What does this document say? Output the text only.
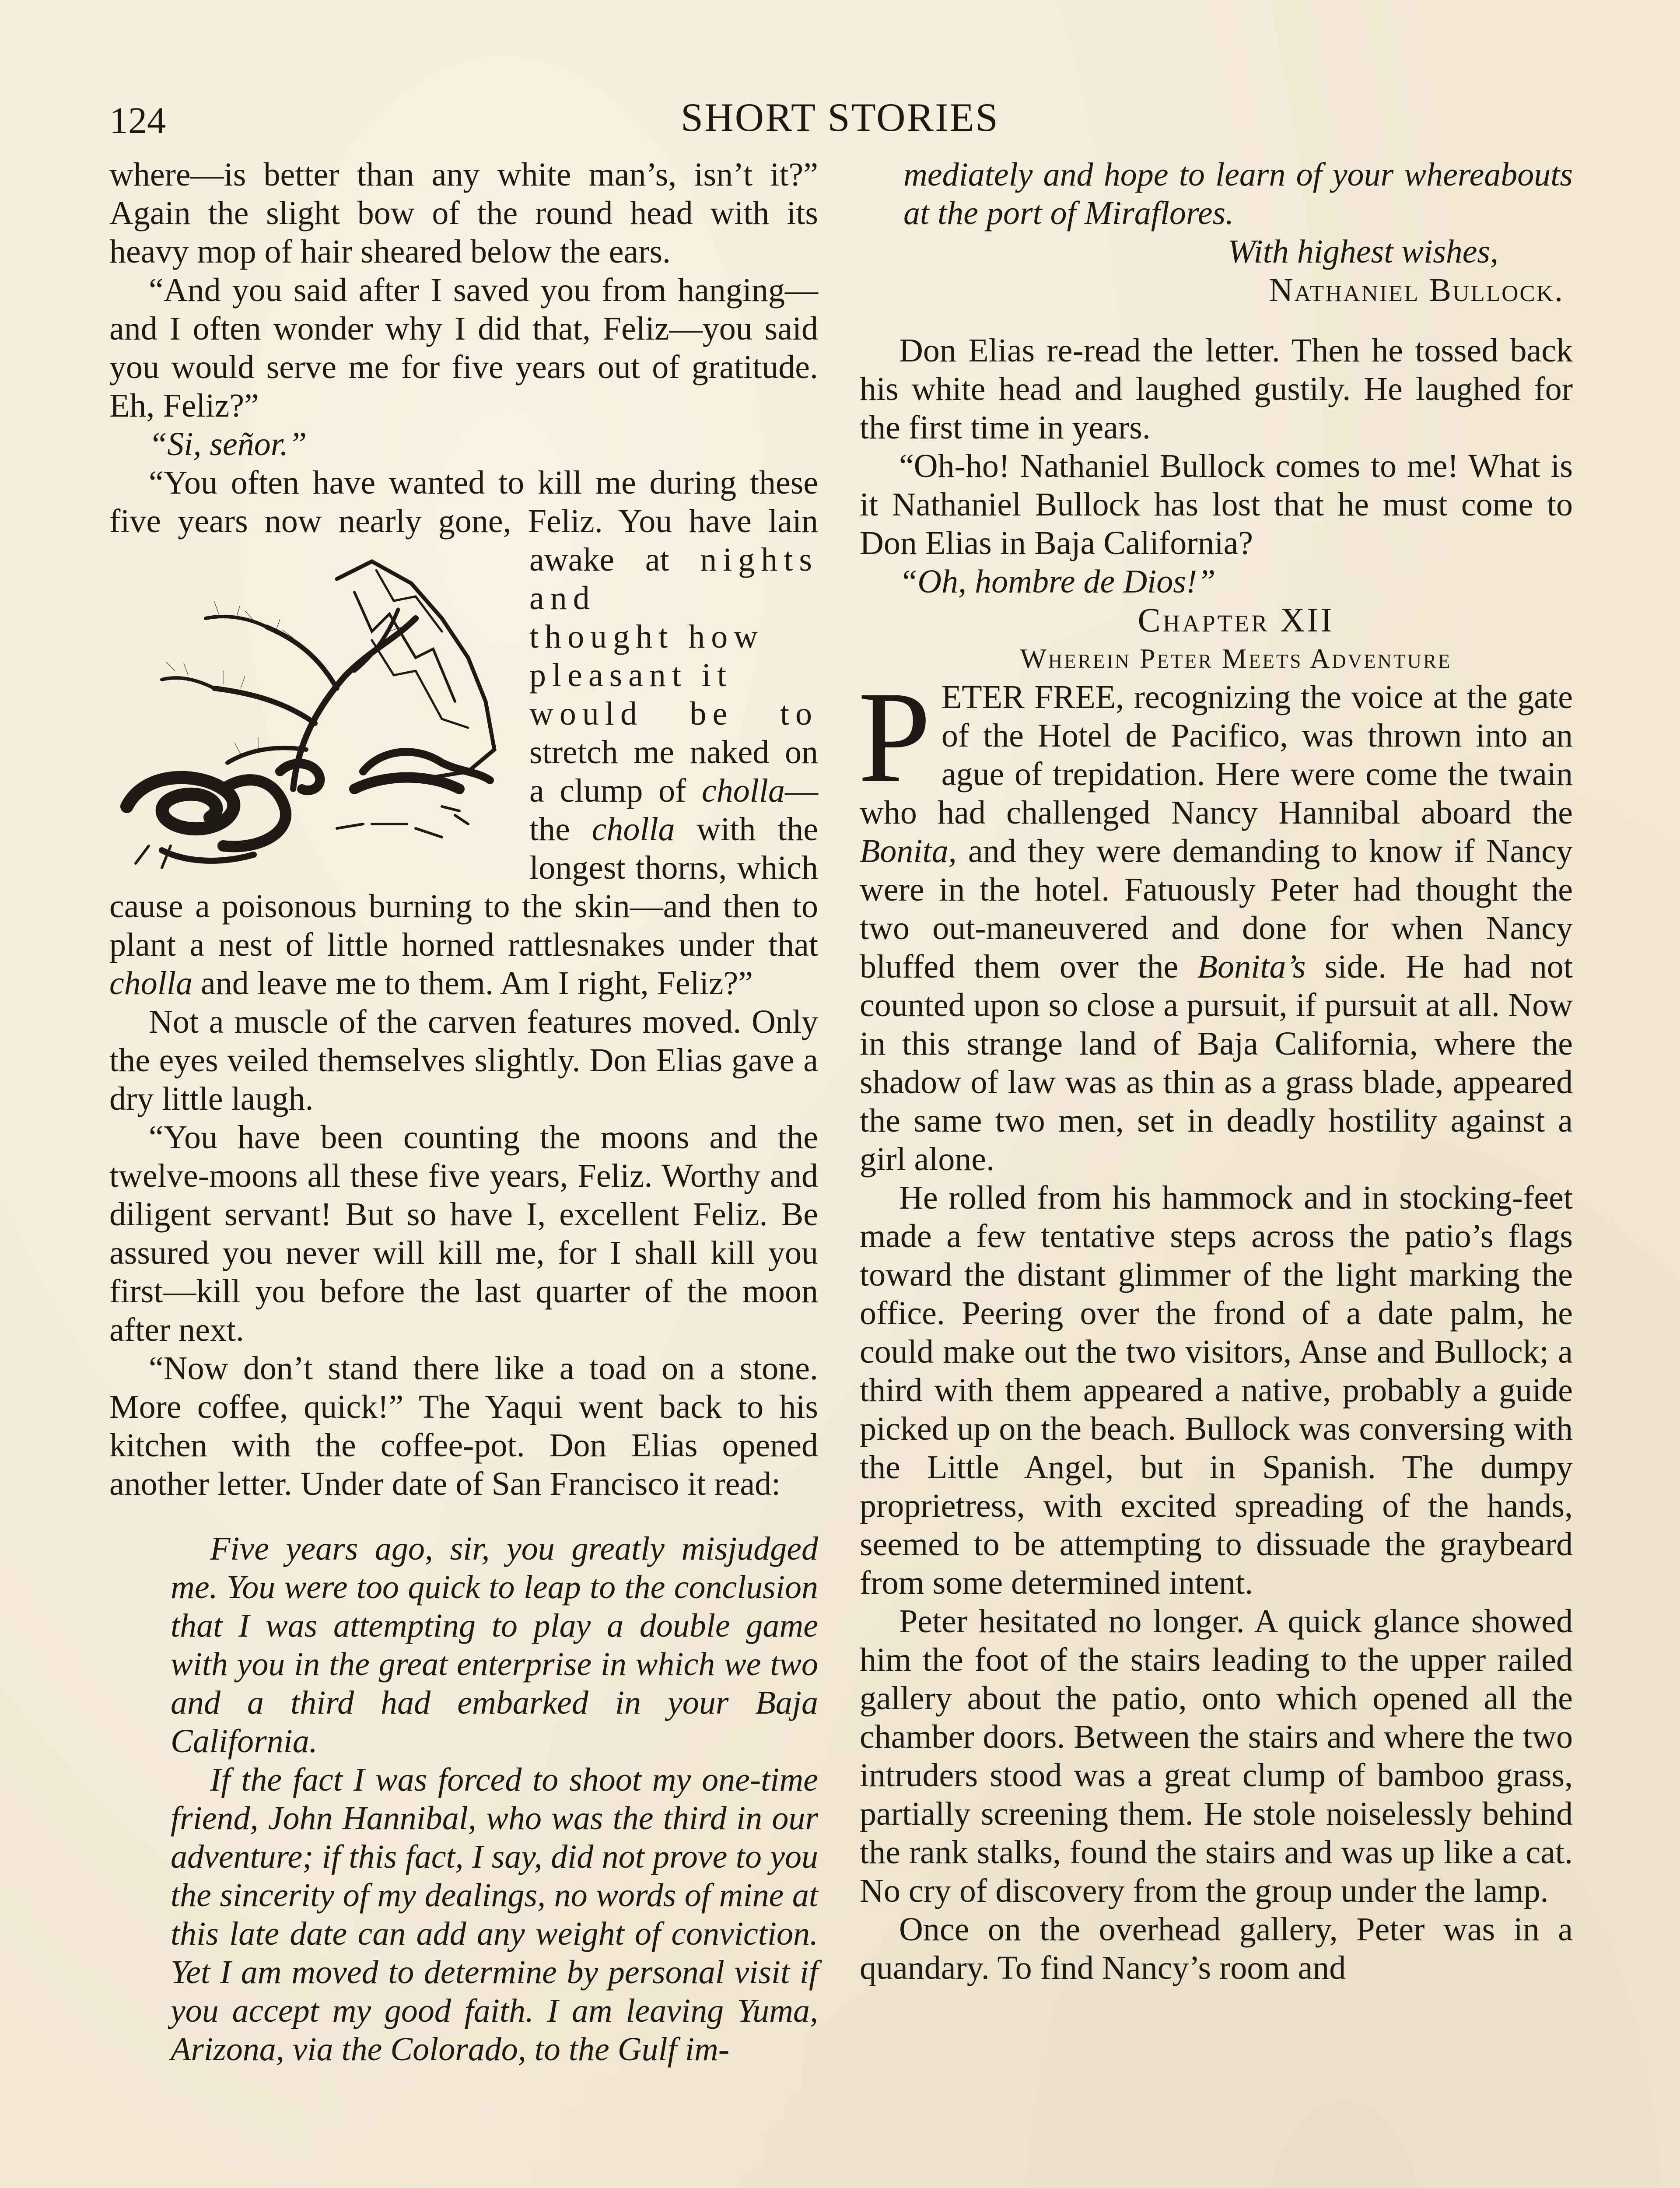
124	SHORT STORIES

where—is better than any white man’s, isn’t it?” Again the slight bow of the round head with its heavy mop of hair sheared below the ears.

“And you said after I saved you from hanging—and I often wonder why I did that, Feliz—you said you would serve me for five years out of gratitude. Eh, Feliz?”

“Si, señor.”

“You often have wanted to kill me during these five years now nearly gone, Feliz. You have lain awake at nights and
thought how
pleasant it
would be to stretch me naked on a clump of cholla—the cholla with the longest thorns, which cause a poisonous burning to the skin—and then to plant a nest of little horned rattlesnakes under that cholla and leave me to them. Am I right, Feliz?”

Not a muscle of the carven features moved. Only the eyes veiled themselves slightly. Don Elias gave a dry little laugh.

“You have been counting the moons and the twelve-moons all these five years, Feliz. Worthy and diligent servant! But so have I, excellent Feliz. Be assured you never will kill me, for I shall kill you first—kill you before the last quarter of the moon after next.

“Now don’t stand there like a toad on a stone. More coffee, quick!” The Yaqui went back to his kitchen with the coffee-pot. Don Elias opened another letter. Under date of San Francisco it read:

Five years ago, sir, you greatly misjudged me. You were too quick to leap to the conclusion that I was attempting to play a double game with you in the great enterprise in which we two and a third had embarked in your Baja California.

If the fact I was forced to shoot my one-time friend, John Hannibal, who was the third in our adventure; if this fact, I say, did not prove to you the sincerity of my dealings, no words of mine at this late date can add any weight of conviction. Yet I am moved to determine by personal visit if you accept my good faith. I am leaving Yuma, Arizona, via the Colorado, to the Gulf im-

mediately and hope to learn of your whereabouts at the port of Miraflores.

With highest wishes,

Nathaniel Bullock.

Don Elias re-read the letter. Then he tossed back his white head and laughed gustily. He laughed for the first time in years.

“Oh-ho! Nathaniel Bullock comes to me! What is it Nathaniel Bullock has lost that he must come to Don Elias in Baja California?

“Oh, hombre de Dios!”

Chapter XII

Wherein Peter Meets Adventure

P ETER FREE, recognizing the voice at the gate of the Hotel de Pacifico, was thrown into an ague of trepidation. Here were come the twain who had challenged Nancy Hannibal aboard the Bonita, and they were demanding to know if Nancy were in the hotel. Fatuously Peter had thought the two out-maneuvered and done for when Nancy bluffed them over the Bonita’s side. He had not counted upon so close a pursuit, if pursuit at all. Now in this strange land of Baja California, where the shadow of law was as thin as a grass blade, appeared the same two men, set in deadly hostility against a girl alone.

He rolled from his hammock and in stocking-feet made a few tentative steps across the patio’s flags toward the distant glimmer of the light marking the office. Peering over the frond of a date palm, he could make out the two visitors, Anse and Bullock; a third with them appeared a native, probably a guide picked up on the beach. Bullock was conversing with the Little Angel, but in Spanish. The dumpy proprietress, with excited spreading of the hands, seemed to be attempting to dissuade the graybeard from some determined intent.

Peter hesitated no longer. A quick glance showed him the foot of the stairs leading to the upper railed gallery about the patio, onto which opened all the chamber doors. Between the stairs and where the two intruders stood was a great clump of bamboo grass, partially screening them. He stole noiselessly behind the rank stalks, found the stairs and was up like a cat. No cry of discovery from the group under the lamp.

Once on the overhead gallery, Peter was in a quandary. To find Nancy’s room and
